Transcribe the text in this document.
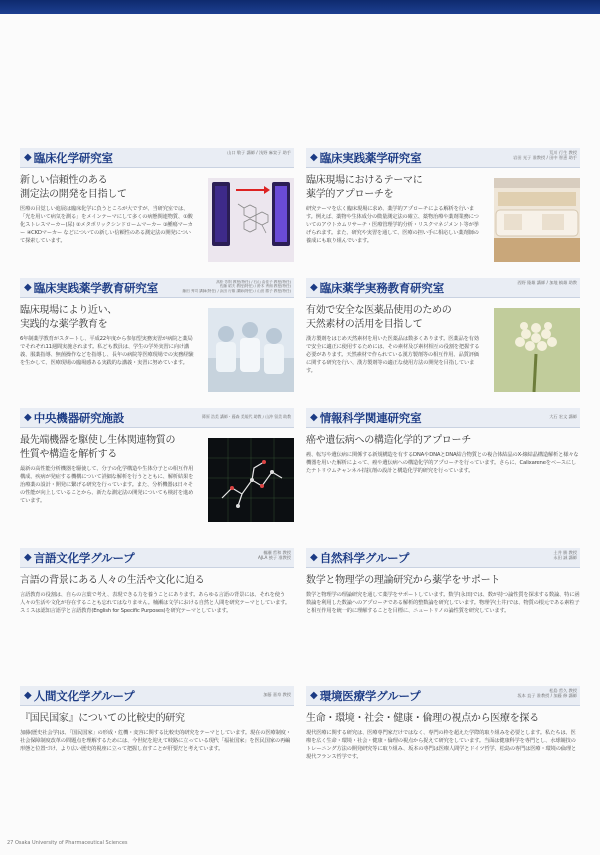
◆ 臨床化学研究室	山口 敬子 講師 / 浅野 麻実子 助手
新しい信頼性のある
測定法の開発を目指して
医療の目覚しい進展は臨床化学に負うところが大ですが、当研究室では、「光を用いて病気を測る」をメインテーマにして多くの病態関連物質、①酸化ストレスマーカー(尿) ②メタボリックシンドロームマーカー ③腫瘍マーカー ④CKDマーカー などについての新しい信頼性のある測定法の開発について探索しています。
◆ 臨床実践薬学研究室	荒川 行生 教授
岩田 光子 准教授 / 田中 智恵 助手
臨床現場におけるテーマに
薬学的アプローチを
研究テーマを広く臨床現場に求め、薬学的アプローチによる解析を行います。例えば、薬物や生体成分の微量測定法の確立、薬物治療や薬剤業務についてのアウトカムリサーチ・医療管理学的分析・リスクマネジメント等が挙げられます。また、研究や実習を通して、医療の担い手に相応しい薬剤師の養成にも取り組んでいます。
◆ 臨床実践薬学教育研究室	高松 芳則 教授(特任) / 石山 由佳子 教授(特任)
佐藤 昭夫 教授(特任) / 鈴木 秀朗 教授(特任)
藤田 秀司 講師(特任) / 浜田 行雄 講師(特任) / 山田 勝子 教授(特任)
臨床現場により近い、
実践的な薬学教育を
6年制薬学教育がスタートし、平成22年度から参加型実務実習が病院と薬局でそれぞれ11週間実施されます。私ども教員は、学生の学外実習に向け講義、服薬指導、無菌操作などを指導し、長年の病院等医療現場での実務経験を生かして、医療現場の臨場感ある実践的な講義・実習に努めています。
◆ 臨床薬学実務教育研究室	西野 隆雄 講師 / 加地 槙雄 助教
有効で安全な医薬品使用のための
天然素材の活用を目指して
漢方製剤をはじめ天然素材を用いた医薬品は数多くあります。医薬品を有効で安全に適正に使用するためには、その素材及び素材相互の役割を把握する必要があります。天然素材で作られている漢方製剤等の相互作用、品質評価に関する研究を行い、漢方製剤等の適正な使用方法の開発を目指しています。
◆ 中央機器研究施設	篠原 浩美 講師・藤森 美規代 助教 / 山沖 留美 助教
最先端機器を駆使し生体関連物質の
性質や構造を解析する
最新の高性能分析機器を駆使して、分子の化学構造や生体分子との相互作用構成、疾病が発症する機構について詳細な解析を行うとともに、解析結果を治療薬の設計・開発に繋げる研究を行っています。また、分析機器は日々その性能が向上していることから、新たな測定法の開発についても検討を進めています。
◆ 情報科学関連研究室	大石 宏文 講師
癌や遺伝病への構造化学的アプローチ
癌、転写や遺伝病に関係する新規構造を有するDNAやDNAとDNA結合物質との複合体結晶のX-線結晶構造解析と様々な機器を用いた解析によって、癌や遺伝病への構造化学的アプローチを行っています。さらに、Calixareneをベースにしたナトリウムチャンネル拮抗剤の設計と構造化学的研究を行っています。
◆ 言語文化学グループ	楠瀬 哲和 教授
AJLA 綾子 准教授
言語の背景にある人々の生活や文化に迫る
言語教育の役割は、自らの言葉で考え、表現できる力を養うことにあります。あらゆる言語の背景には、それを使う人々の生活や文化が存在することも忘れてはなりません。楠瀬は文学における自然と人間を研究テーマとしています。スミスは認知言語学と言語教育(English for Specific Purposes)を研究テーマとしています。
◆ 自然科学グループ	土井 勝 教授
永田 誠 講師
数学と物理学の理論研究から薬学をサポート
数学と物理学の理論研究を通して薬学をサポートしています。数学(永田)では、数が持つ論性質を探求する数論、特に函数論を利用した数論へのアプローチである解析的整数論を研究しています。物理学(土井)では、物質の根元である素粒子と相互作用を統一的に理解することを目標に、ニュートリノの論性質を研究しています。
◆ 人間文化学グループ	加藤 嘉寿 教授
『国民国家』についての比較史的研究
加藤(歴史社会学)は、「国民国家」の形成・危機・変容に関する比較史的研究をテーマとしています。現在の医療制度・社会保障制度改革の問題点を理解するためには、今世紀を迎えて岐路に立っている現代「福祉国家」を医民国家の再編形態と位置づけ、より広い歴史的視座に立って把握し直すことが肝要だと考えています。
◆ 環境医療学グループ	松島 哲久 教授
坂本 直子 准教授 / 加藤 修 講師
生命・環境・社会・健康・倫理の視点から医療を探る
現代医療に関する研究は、医療専門家だけではなく、専門の枠を超えた学際的取り組みを必要とします。私たちは、医療を広く生命・環境・社会・健康・倫理の視点から捉えて研究をしています。当面は健康科学を専門とし、水球競技のトレーニング方法の開発研究等に取り組み、坂本の専門は医療人間学とドイツ哲学、松島の専門は医療・環境の倫理と現代フランス哲学です。
27 Osaka University of Pharmaceutical Sciences
